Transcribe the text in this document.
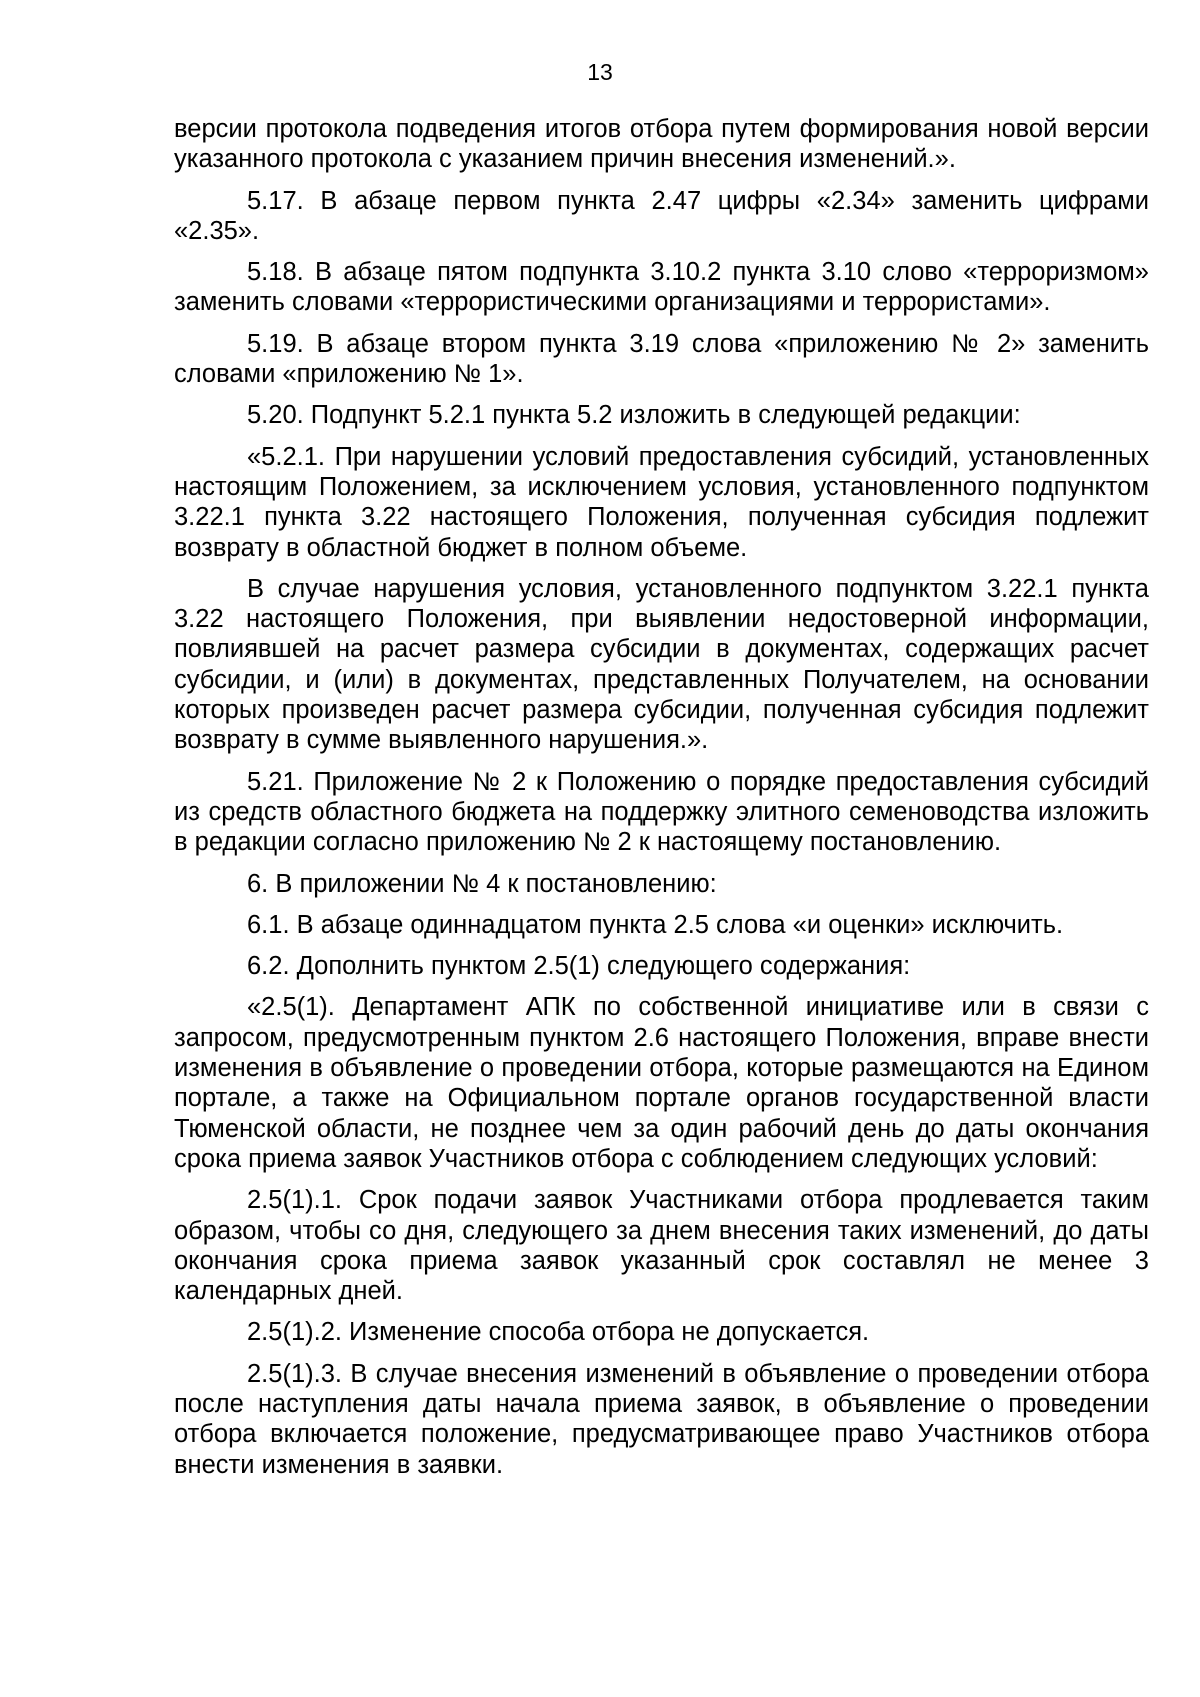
13

версии протокола подведения итогов отбора путем формирования новой версии указанного протокола с указанием причин внесения изменений.».

5.17. В абзаце первом пункта 2.47 цифры «2.34» заменить цифрами «2.35».

5.18. В абзаце пятом подпункта 3.10.2 пункта 3.10 слово «терроризмом» заменить словами «террористическими организациями и террористами».

5.19. В абзаце втором пункта 3.19 слова «приложению № 2» заменить словами «приложению № 1».

5.20. Подпункт 5.2.1 пункта 5.2 изложить в следующей редакции:

«5.2.1. При нарушении условий предоставления субсидий, установленных настоящим Положением, за исключением условия, установленного подпунктом 3.22.1 пункта 3.22 настоящего Положения, полученная субсидия подлежит возврату в областной бюджет в полном объеме.

В случае нарушения условия, установленного подпунктом 3.22.1 пункта 3.22 настоящего Положения, при выявлении недостоверной информации, повлиявшей на расчет размера субсидии в документах, содержащих расчет субсидии, и (или) в документах, представленных Получателем, на основании которых произведен расчет размера субсидии, полученная субсидия подлежит возврату в сумме выявленного нарушения.».

5.21. Приложение № 2 к Положению о порядке предоставления субсидий из средств областного бюджета на поддержку элитного семеноводства изложить в редакции согласно приложению № 2 к настоящему постановлению.

6. В приложении № 4 к постановлению:

6.1. В абзаце одиннадцатом пункта 2.5 слова «и оценки» исключить.

6.2. Дополнить пунктом 2.5(1) следующего содержания:

«2.5(1). Департамент АПК по собственной инициативе или в связи с запросом, предусмотренным пунктом 2.6 настоящего Положения, вправе внести изменения в объявление о проведении отбора, которые размещаются на Едином портале, а также на Официальном портале органов государственной власти Тюменской области, не позднее чем за один рабочий день до даты окончания срока приема заявок Участников отбора с соблюдением следующих условий:

2.5(1).1. Срок подачи заявок Участниками отбора продлевается таким образом, чтобы со дня, следующего за днем внесения таких изменений, до даты окончания срока приема заявок указанный срок составлял не менее 3 календарных дней.

2.5(1).2. Изменение способа отбора не допускается.

2.5(1).3. В случае внесения изменений в объявление о проведении отбора после наступления даты начала приема заявок, в объявление о проведении отбора включается положение, предусматривающее право Участников отбора внести изменения в заявки.
